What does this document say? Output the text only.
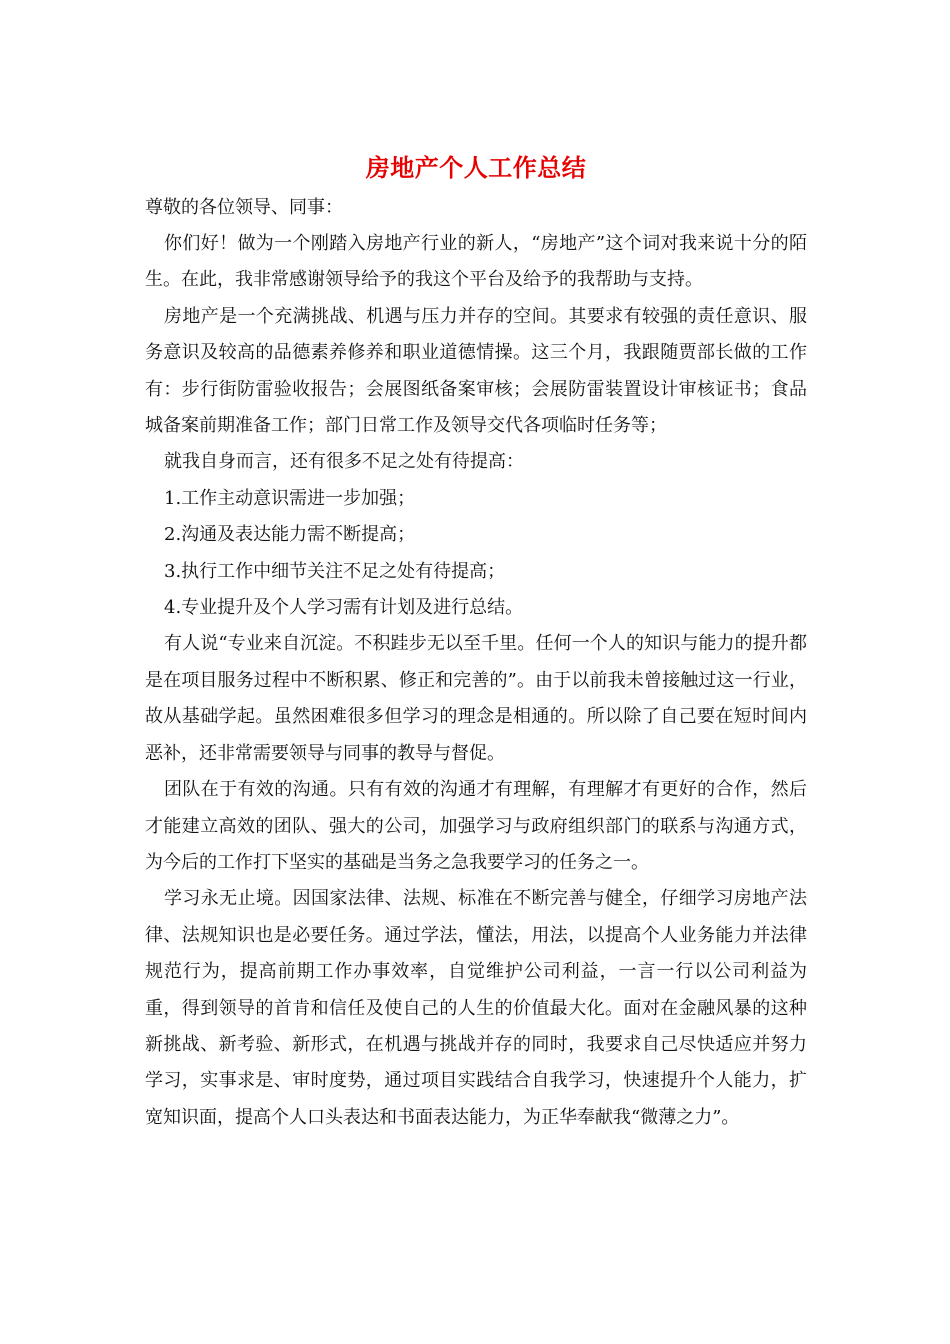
房地产个人工作总结

尊敬的各位领导、同事：

你们好！做为一个刚踏入房地产行业的新人，“房地产”这个词对我来说十分的陌生。在此，我非常感谢领导给予的我这个平台及给予的我帮助与支持。

房地产是一个充满挑战、机遇与压力并存的空间。其要求有较强的责任意识、服务意识及较高的品德素养修养和职业道德情操。这三个月，我跟随贾部长做的工作有：步行街防雷验收报告；会展图纸备案审核；会展防雷装置设计审核证书；食品城备案前期准备工作；部门日常工作及领导交代各项临时任务等；

就我自身而言，还有很多不足之处有待提高：

1.工作主动意识需进一步加强；

2.沟通及表达能力需不断提高；

3.执行工作中细节关注不足之处有待提高；

4.专业提升及个人学习需有计划及进行总结。

有人说“专业来自沉淀。不积跬步无以至千里。任何一个人的知识与能力的提升都是在项目服务过程中不断积累、修正和完善的”。由于以前我未曾接触过这一行业，故从基础学起。虽然困难很多但学习的理念是相通的。所以除了自己要在短时间内恶补，还非常需要领导与同事的教导与督促。

团队在于有效的沟通。只有有效的沟通才有理解，有理解才有更好的合作，然后才能建立高效的团队、强大的公司，加强学习与政府组织部门的联系与沟通方式，为今后的工作打下坚实的基础是当务之急我要学习的任务之一。

学习永无止境。因国家法律、法规、标准在不断完善与健全，仔细学习房地产法律、法规知识也是必要任务。通过学法，懂法，用法，以提高个人业务能力并法律规范行为，提高前期工作办事效率，自觉维护公司利益，一言一行以公司利益为重，得到领导的首肯和信任及使自己的人生的价值最大化。面对在金融风暴的这种新挑战、新考验、新形式，在机遇与挑战并存的同时，我要求自己尽快适应并努力学习，实事求是、审时度势，通过项目实践结合自我学习，快速提升个人能力，扩宽知识面，提高个人口头表达和书面表达能力，为正华奉献我“微薄之力”。
